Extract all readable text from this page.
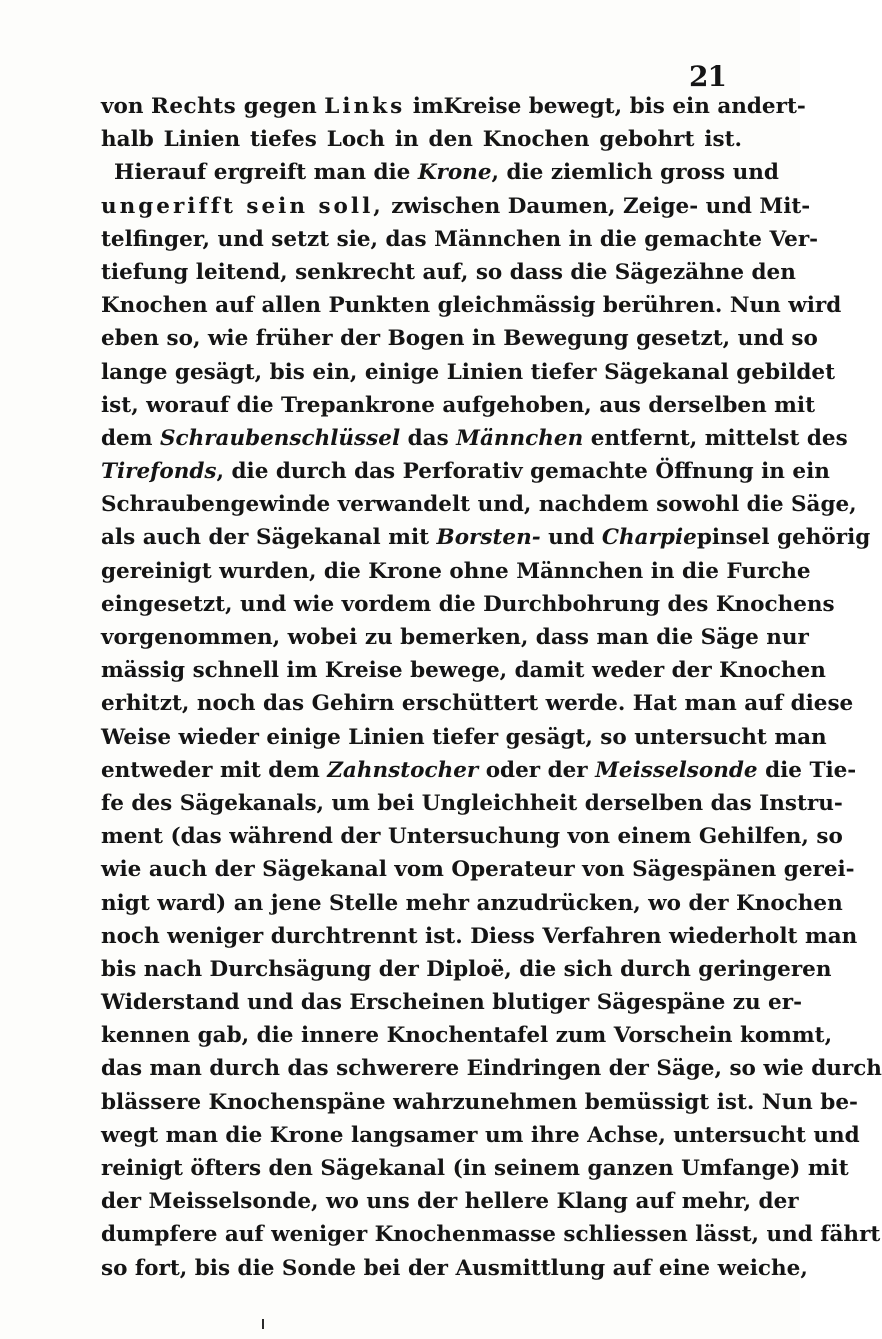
21
von Rechts gegen Links imKreise bewegt, bis ein andert-
halb Linien tiefes Loch in den Knochen gebohrt ist.
Hierauf ergreift man die Krone, die ziemlich gross und
ungerifft sein soll, zwischen Daumen, Zeige- und Mit-
telfinger, und setzt sie, das Männchen in die gemachte Ver-
tiefung leitend, senkrecht auf, so dass die Sägezähne den
Knochen auf allen Punkten gleichmässig berühren. Nun wird
eben so, wie früher der Bogen in Bewegung gesetzt, und so
lange gesägt, bis ein, einige Linien tiefer Sägekanal gebildet
ist, worauf die Trepankrone aufgehoben, aus derselben mit
dem Schraubenschlüssel das Männchen entfernt, mittelst des
Tirefonds, die durch das Perforativ gemachte Öffnung in ein
Schraubengewinde verwandelt und, nachdem sowohl die Säge,
als auch der Sägekanal mit Borsten- und Charpiepinsel gehörig
gereinigt wurden, die Krone ohne Männchen in die Furche
eingesetzt, und wie vordem die Durchbohrung des Knochens
vorgenommen, wobei zu bemerken, dass man die Säge nur
mässig schnell im Kreise bewege, damit weder der Knochen
erhitzt, noch das Gehirn erschüttert werde. Hat man auf diese
Weise wieder einige Linien tiefer gesägt, so untersucht man
entweder mit dem Zahnstocher oder der Meisselsonde die Tie-
fe des Sägekanals, um bei Ungleichheit derselben das Instru-
ment (das während der Untersuchung von einem Gehilfen, so
wie auch der Sägekanal vom Operateur von Sägespänen gerei-
nigt ward) an jene Stelle mehr anzudrücken, wo der Knochen
noch weniger durchtrennt ist. Diess Verfahren wiederholt man
bis nach Durchsägung der Diploë, die sich durch geringeren
Widerstand und das Erscheinen blutiger Sägespäne zu er-
kennen gab, die innere Knochentafel zum Vorschein kommt,
das man durch das schwerere Eindringen der Säge, so wie durch
blässere Knochenspäne wahrzunehmen bemüssigt ist. Nun be-
wegt man die Krone langsamer um ihre Achse, untersucht und
reinigt öfters den Sägekanal (in seinem ganzen Umfange) mit
der Meisselsonde, wo uns der hellere Klang auf mehr, der
dumpfere auf weniger Knochenmasse schliessen lässt, und fährt
so fort, bis die Sonde bei der Ausmittlung auf eine weiche,
